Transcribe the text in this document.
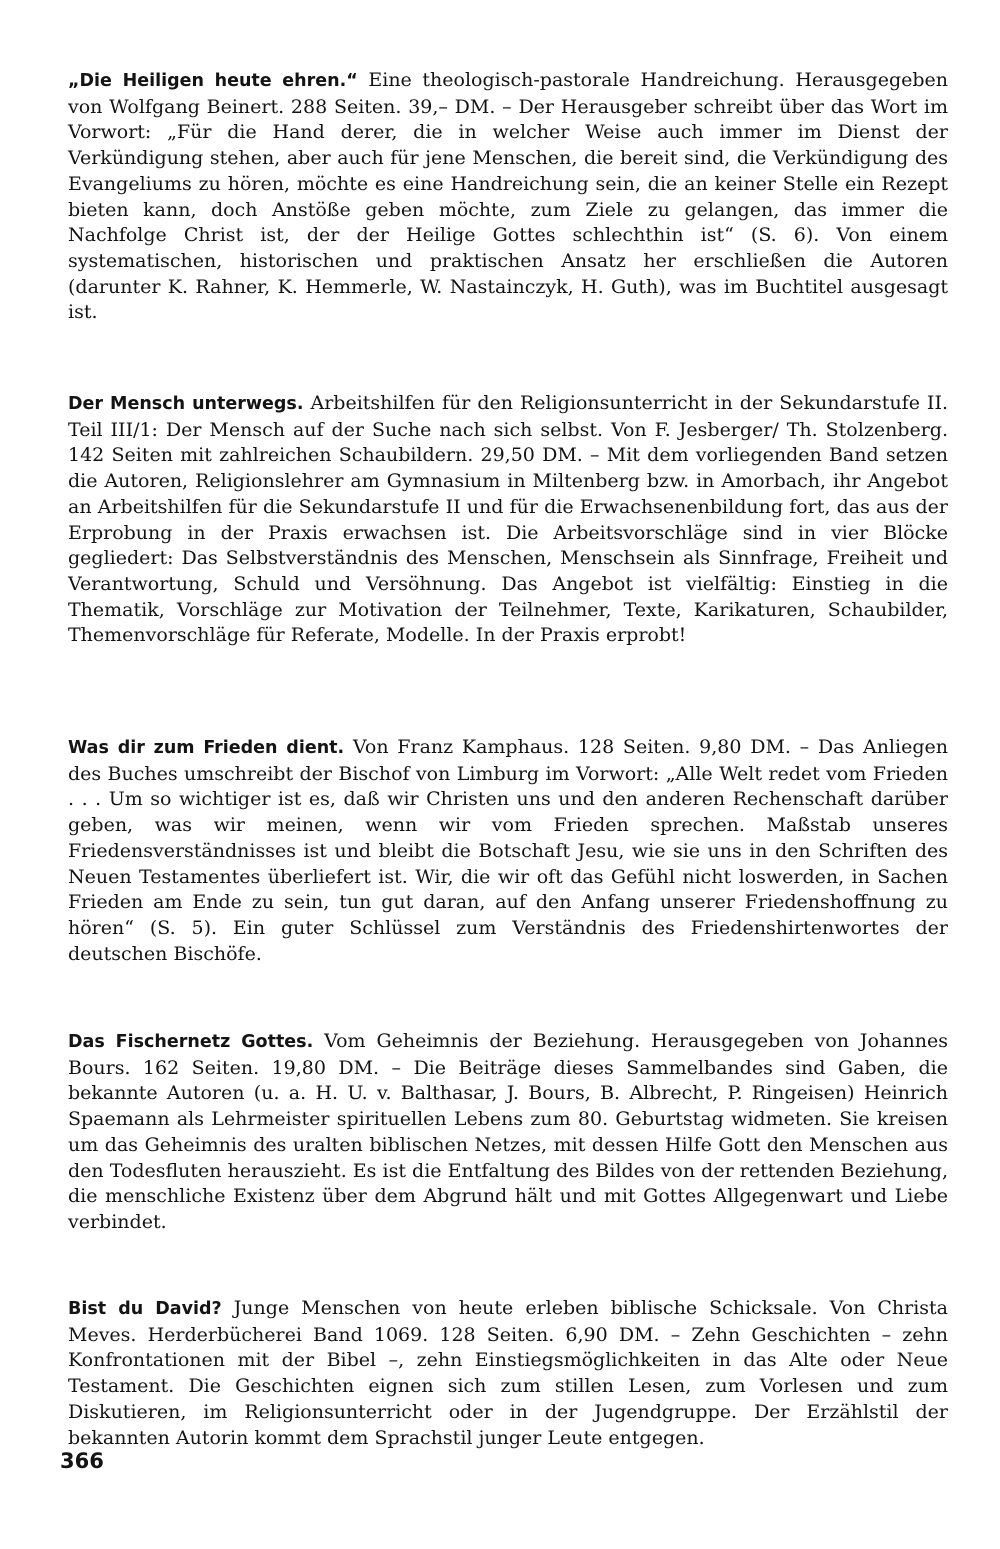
„Die Heiligen heute ehren.“ Eine theologisch-pastorale Handreichung. Herausgegeben von Wolfgang Beinert. 288 Seiten. 39,– DM. – Der Herausgeber schreibt über das Wort im Vorwort: „Für die Hand derer, die in welcher Weise auch immer im Dienst der Verkündigung stehen, aber auch für jene Menschen, die bereit sind, die Verkündigung des Evangeliums zu hören, möchte es eine Handreichung sein, die an keiner Stelle ein Rezept bieten kann, doch Anstöße geben möchte, zum Ziele zu gelangen, das immer die Nachfolge Christ ist, der der Heilige Gottes schlechthin ist“ (S. 6). Von einem systematischen, historischen und praktischen Ansatz her erschließen die Autoren (darunter K. Rahner, K. Hemmerle, W. Nastainczyk, H. Guth), was im Buchtitel ausgesagt ist.

Der Mensch unterwegs. Arbeitshilfen für den Religionsunterricht in der Sekundarstufe II. Teil III/1: Der Mensch auf der Suche nach sich selbst. Von F. Jesberger/ Th. Stolzenberg. 142 Seiten mit zahlreichen Schaubildern. 29,50 DM. – Mit dem vorliegenden Band setzen die Autoren, Religionslehrer am Gymnasium in Miltenberg bzw. in Amorbach, ihr Angebot an Arbeitshilfen für die Sekundarstufe II und für die Erwachsenenbildung fort, das aus der Erprobung in der Praxis erwachsen ist. Die Arbeitsvorschläge sind in vier Blöcke gegliedert: Das Selbstverständnis des Menschen, Menschsein als Sinnfrage, Freiheit und Verantwortung, Schuld und Versöhnung. Das Angebot ist vielfältig: Einstieg in die Thematik, Vorschläge zur Motivation der Teilnehmer, Texte, Karikaturen, Schaubilder, Themenvorschläge für Referate, Modelle. In der Praxis erprobt!

Was dir zum Frieden dient. Von Franz Kamphaus. 128 Seiten. 9,80 DM. – Das Anliegen des Buches umschreibt der Bischof von Limburg im Vorwort: „Alle Welt redet vom Frieden . . . Um so wichtiger ist es, daß wir Christen uns und den anderen Rechenschaft darüber geben, was wir meinen, wenn wir vom Frieden sprechen. Maßstab unseres Friedensverständnisses ist und bleibt die Botschaft Jesu, wie sie uns in den Schriften des Neuen Testamentes überliefert ist. Wir, die wir oft das Gefühl nicht loswerden, in Sachen Frieden am Ende zu sein, tun gut daran, auf den Anfang unserer Friedenshoffnung zu hören“ (S. 5). Ein guter Schlüssel zum Verständnis des Friedenshirtenwortes der deutschen Bischöfe.

Das Fischernetz Gottes. Vom Geheimnis der Beziehung. Herausgegeben von Johannes Bours. 162 Seiten. 19,80 DM. – Die Beiträge dieses Sammelbandes sind Gaben, die bekannte Autoren (u. a. H. U. v. Balthasar, J. Bours, B. Albrecht, P. Ringeisen) Heinrich Spaemann als Lehrmeister spirituellen Lebens zum 80. Geburtstag widmeten. Sie kreisen um das Geheimnis des uralten biblischen Netzes, mit dessen Hilfe Gott den Menschen aus den Todesfluten herauszieht. Es ist die Entfaltung des Bildes von der rettenden Beziehung, die menschliche Existenz über dem Abgrund hält und mit Gottes Allgegenwart und Liebe verbindet.

Bist du David? Junge Menschen von heute erleben biblische Schicksale. Von Christa Meves. Herderbücherei Band 1069. 128 Seiten. 6,90 DM. – Zehn Geschichten – zehn Konfrontationen mit der Bibel –, zehn Einstiegsmöglichkeiten in das Alte oder Neue Testament. Die Geschichten eignen sich zum stillen Lesen, zum Vorlesen und zum Diskutieren, im Religionsunterricht oder in der Jugendgruppe. Der Erzählstil der bekannten Autorin kommt dem Sprachstil junger Leute entgegen.

366
